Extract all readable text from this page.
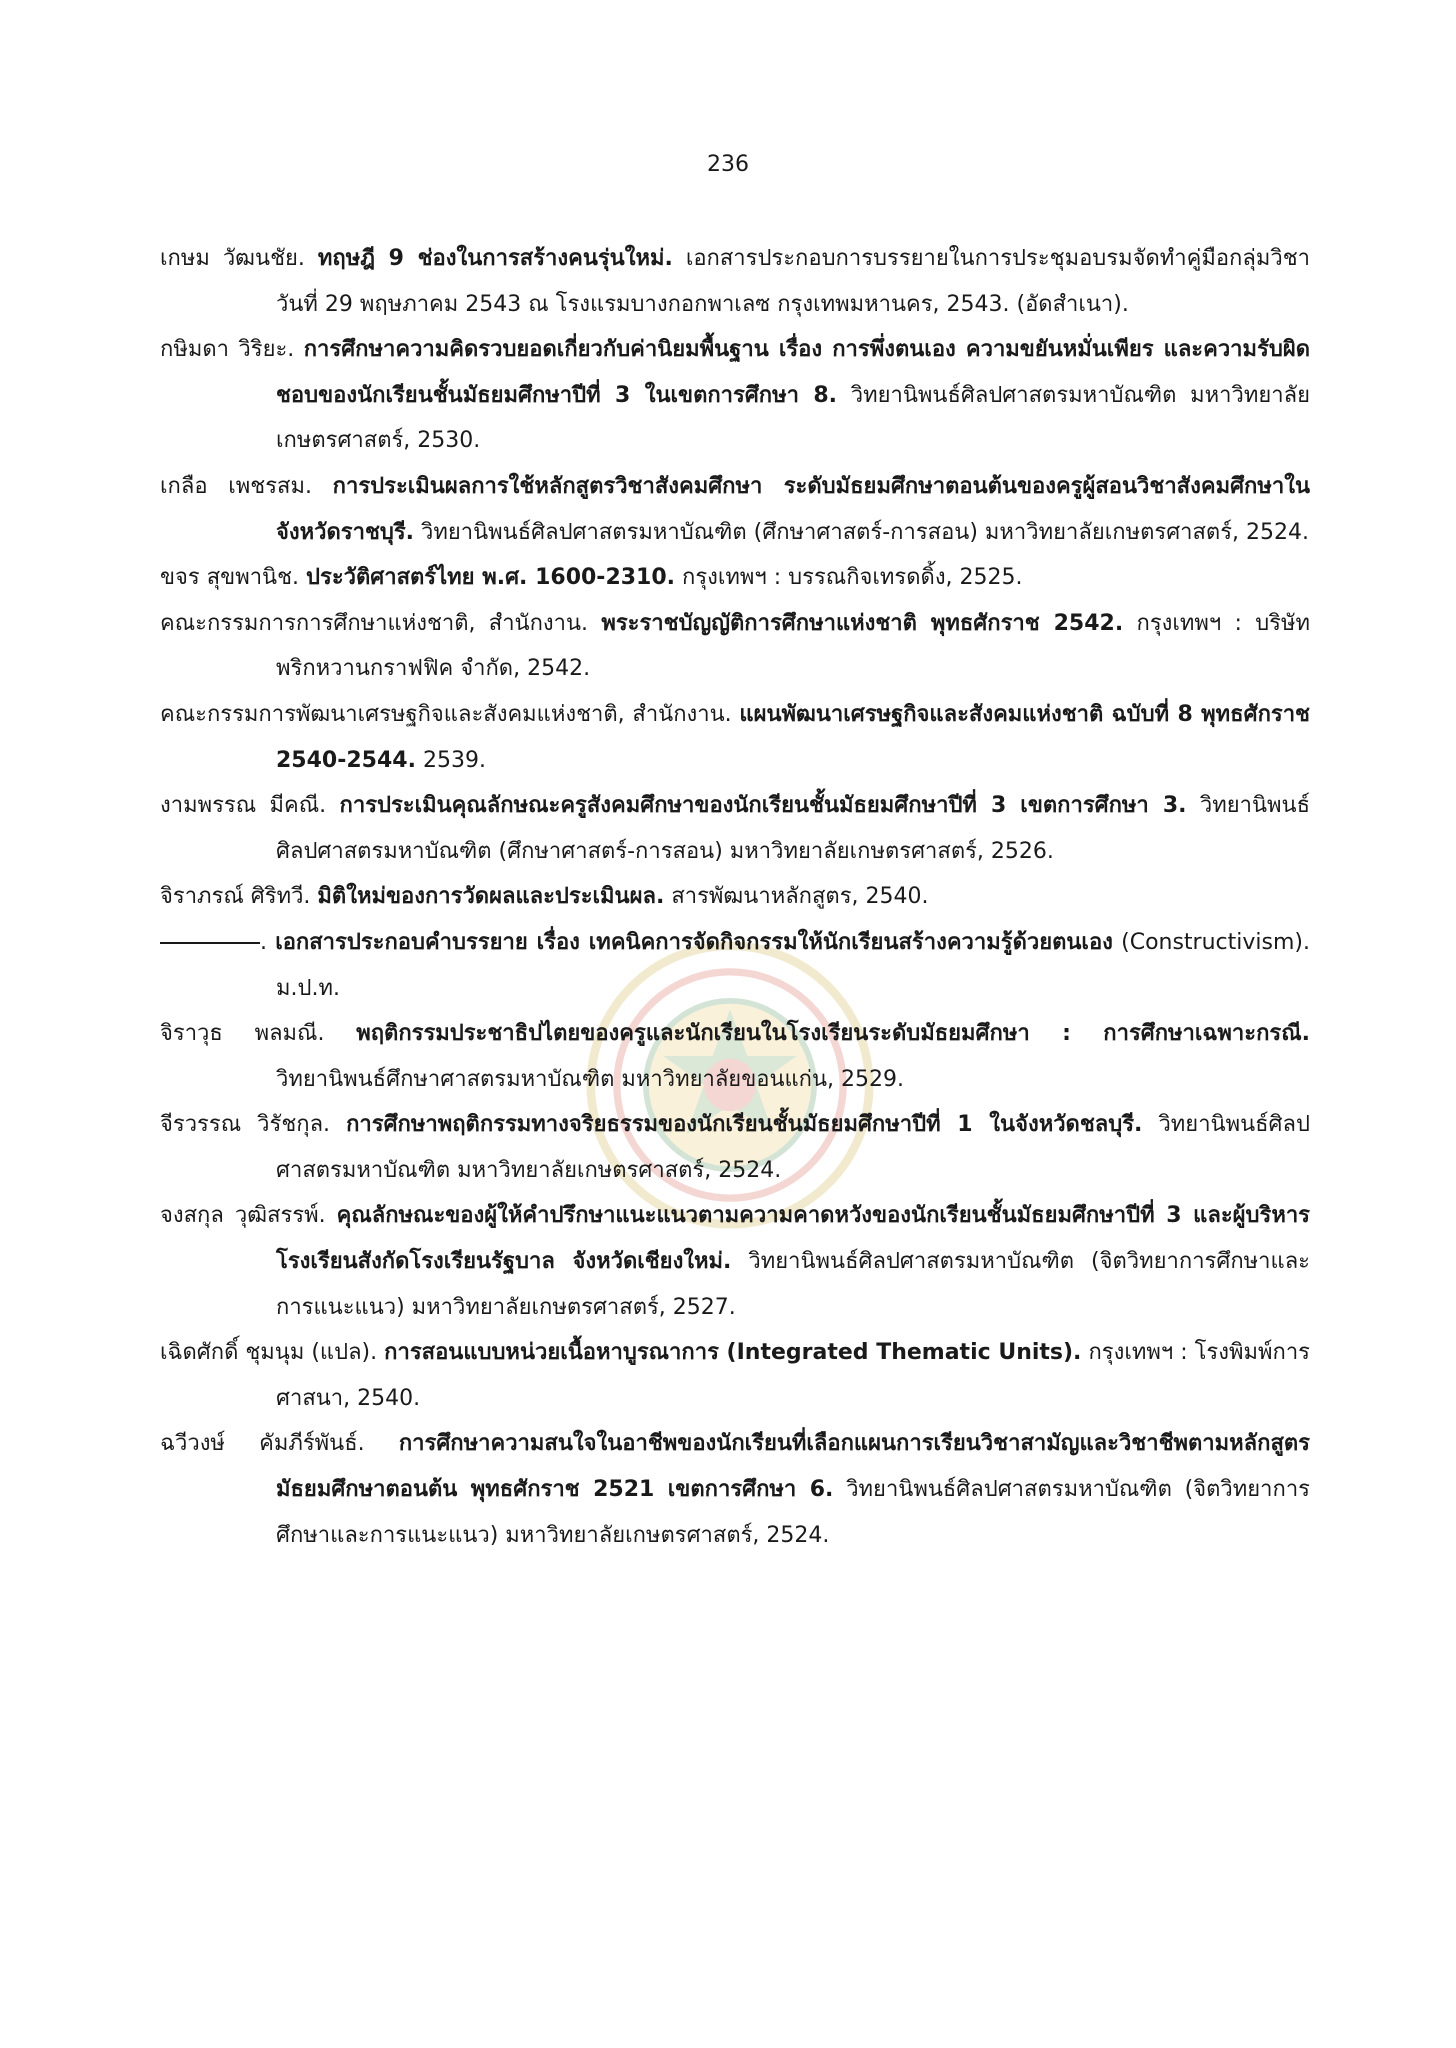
236

เกษม วัฒนชัย. ทฤษฎี 9 ช่องในการสร้างคนรุ่นใหม่. เอกสารประกอบการบรรยายในการประชุมอบรมจัดทำคู่มือกลุ่มวิชา วันที่ 29 พฤษภาคม 2543 ณ โรงแรมบางกอกพาเลซ กรุงเทพมหานคร, 2543. (อัดสำเนา).

กษิมดา วิริยะ. การศึกษาความคิดรวบยอดเกี่ยวกับค่านิยมพื้นฐาน เรื่อง การพึ่งตนเอง ความขยันหมั่นเพียร และความรับผิดชอบของนักเรียนชั้นมัธยมศึกษาปีที่ 3 ในเขตการศึกษา 8. วิทยานิพนธ์ศิลปศาสตรมหาบัณฑิต มหาวิทยาลัยเกษตรศาสตร์, 2530.

เกลือ เพชรสม. การประเมินผลการใช้หลักสูตรวิชาสังคมศึกษา ระดับมัธยมศึกษาตอนต้นของครูผู้สอนวิชาสังคมศึกษาในจังหวัดราชบุรี. วิทยานิพนธ์ศิลปศาสตรมหาบัณฑิต (ศึกษาศาสตร์-การสอน) มหาวิทยาลัยเกษตรศาสตร์, 2524.

ขจร สุขพานิช. ประวัติศาสตร์ไทย พ.ศ. 1600-2310. กรุงเทพฯ : บรรณกิจเทรดดิ้ง, 2525.

คณะกรรมการการศึกษาแห่งชาติ, สำนักงาน. พระราชบัญญัติการศึกษาแห่งชาติ พุทธศักราช 2542. กรุงเทพฯ : บริษัท พริกหวานกราฟฟิค จำกัด, 2542.

คณะกรรมการพัฒนาเศรษฐกิจและสังคมแห่งชาติ, สำนักงาน. แผนพัฒนาเศรษฐกิจและสังคมแห่งชาติ ฉบับที่ 8 พุทธศักราช 2540-2544. 2539.

งามพรรณ มีคณี. การประเมินคุณลักษณะครูสังคมศึกษาของนักเรียนชั้นมัธยมศึกษาปีที่ 3 เขตการศึกษา 3. วิทยานิพนธ์ศิลปศาสตรมหาบัณฑิต (ศึกษาศาสตร์-การสอน) มหาวิทยาลัยเกษตรศาสตร์, 2526.

จิราภรณ์ ศิริทวี. มิติใหม่ของการวัดผลและประเมินผล. สารพัฒนาหลักสูตร, 2540.

. เอกสารประกอบคำบรรยาย เรื่อง เทคนิคการจัดกิจกรรมให้นักเรียนสร้างความรู้ด้วยตนเอง (Constructivism). ม.ป.ท.

จิราวุธ พลมณี. พฤติกรรมประชาธิปไตยของครูและนักเรียนในโรงเรียนระดับมัธยมศึกษา : การศึกษาเฉพาะกรณี. วิทยานิพนธ์ศึกษาศาสตรมหาบัณฑิต มหาวิทยาลัยขอนแก่น, 2529.

จีรวรรณ วิรัชกุล. การศึกษาพฤติกรรมทางจริยธรรมของนักเรียนชั้นมัธยมศึกษาปีที่ 1 ในจังหวัดชลบุรี. วิทยานิพนธ์ศิลปศาสตรมหาบัณฑิต มหาวิทยาลัยเกษตรศาสตร์, 2524.

จงสกุล วุฒิสรรพ์. คุณลักษณะของผู้ให้คำปรึกษาแนะแนวตามความคาดหวังของนักเรียนชั้นมัธยมศึกษาปีที่ 3 และผู้บริหารโรงเรียนสังกัดโรงเรียนรัฐบาล จังหวัดเชียงใหม่. วิทยานิพนธ์ศิลปศาสตรมหาบัณฑิต (จิตวิทยาการศึกษาและการแนะแนว) มหาวิทยาลัยเกษตรศาสตร์, 2527.

เฉิดศักดิ์ ชุมนุม (แปล). การสอนแบบหน่วยเนื้อหาบูรณาการ (Integrated Thematic Units). กรุงเทพฯ : โรงพิมพ์การศาสนา, 2540.

ฉวีวงษ์ คัมภีร์พันธ์. การศึกษาความสนใจในอาชีพของนักเรียนที่เลือกแผนการเรียนวิชาสามัญและวิชาชีพตามหลักสูตรมัธยมศึกษาตอนต้น พุทธศักราช 2521 เขตการศึกษา 6. วิทยานิพนธ์ศิลปศาสตรมหาบัณฑิต (จิตวิทยาการศึกษาและการแนะแนว) มหาวิทยาลัยเกษตรศาสตร์, 2524.
